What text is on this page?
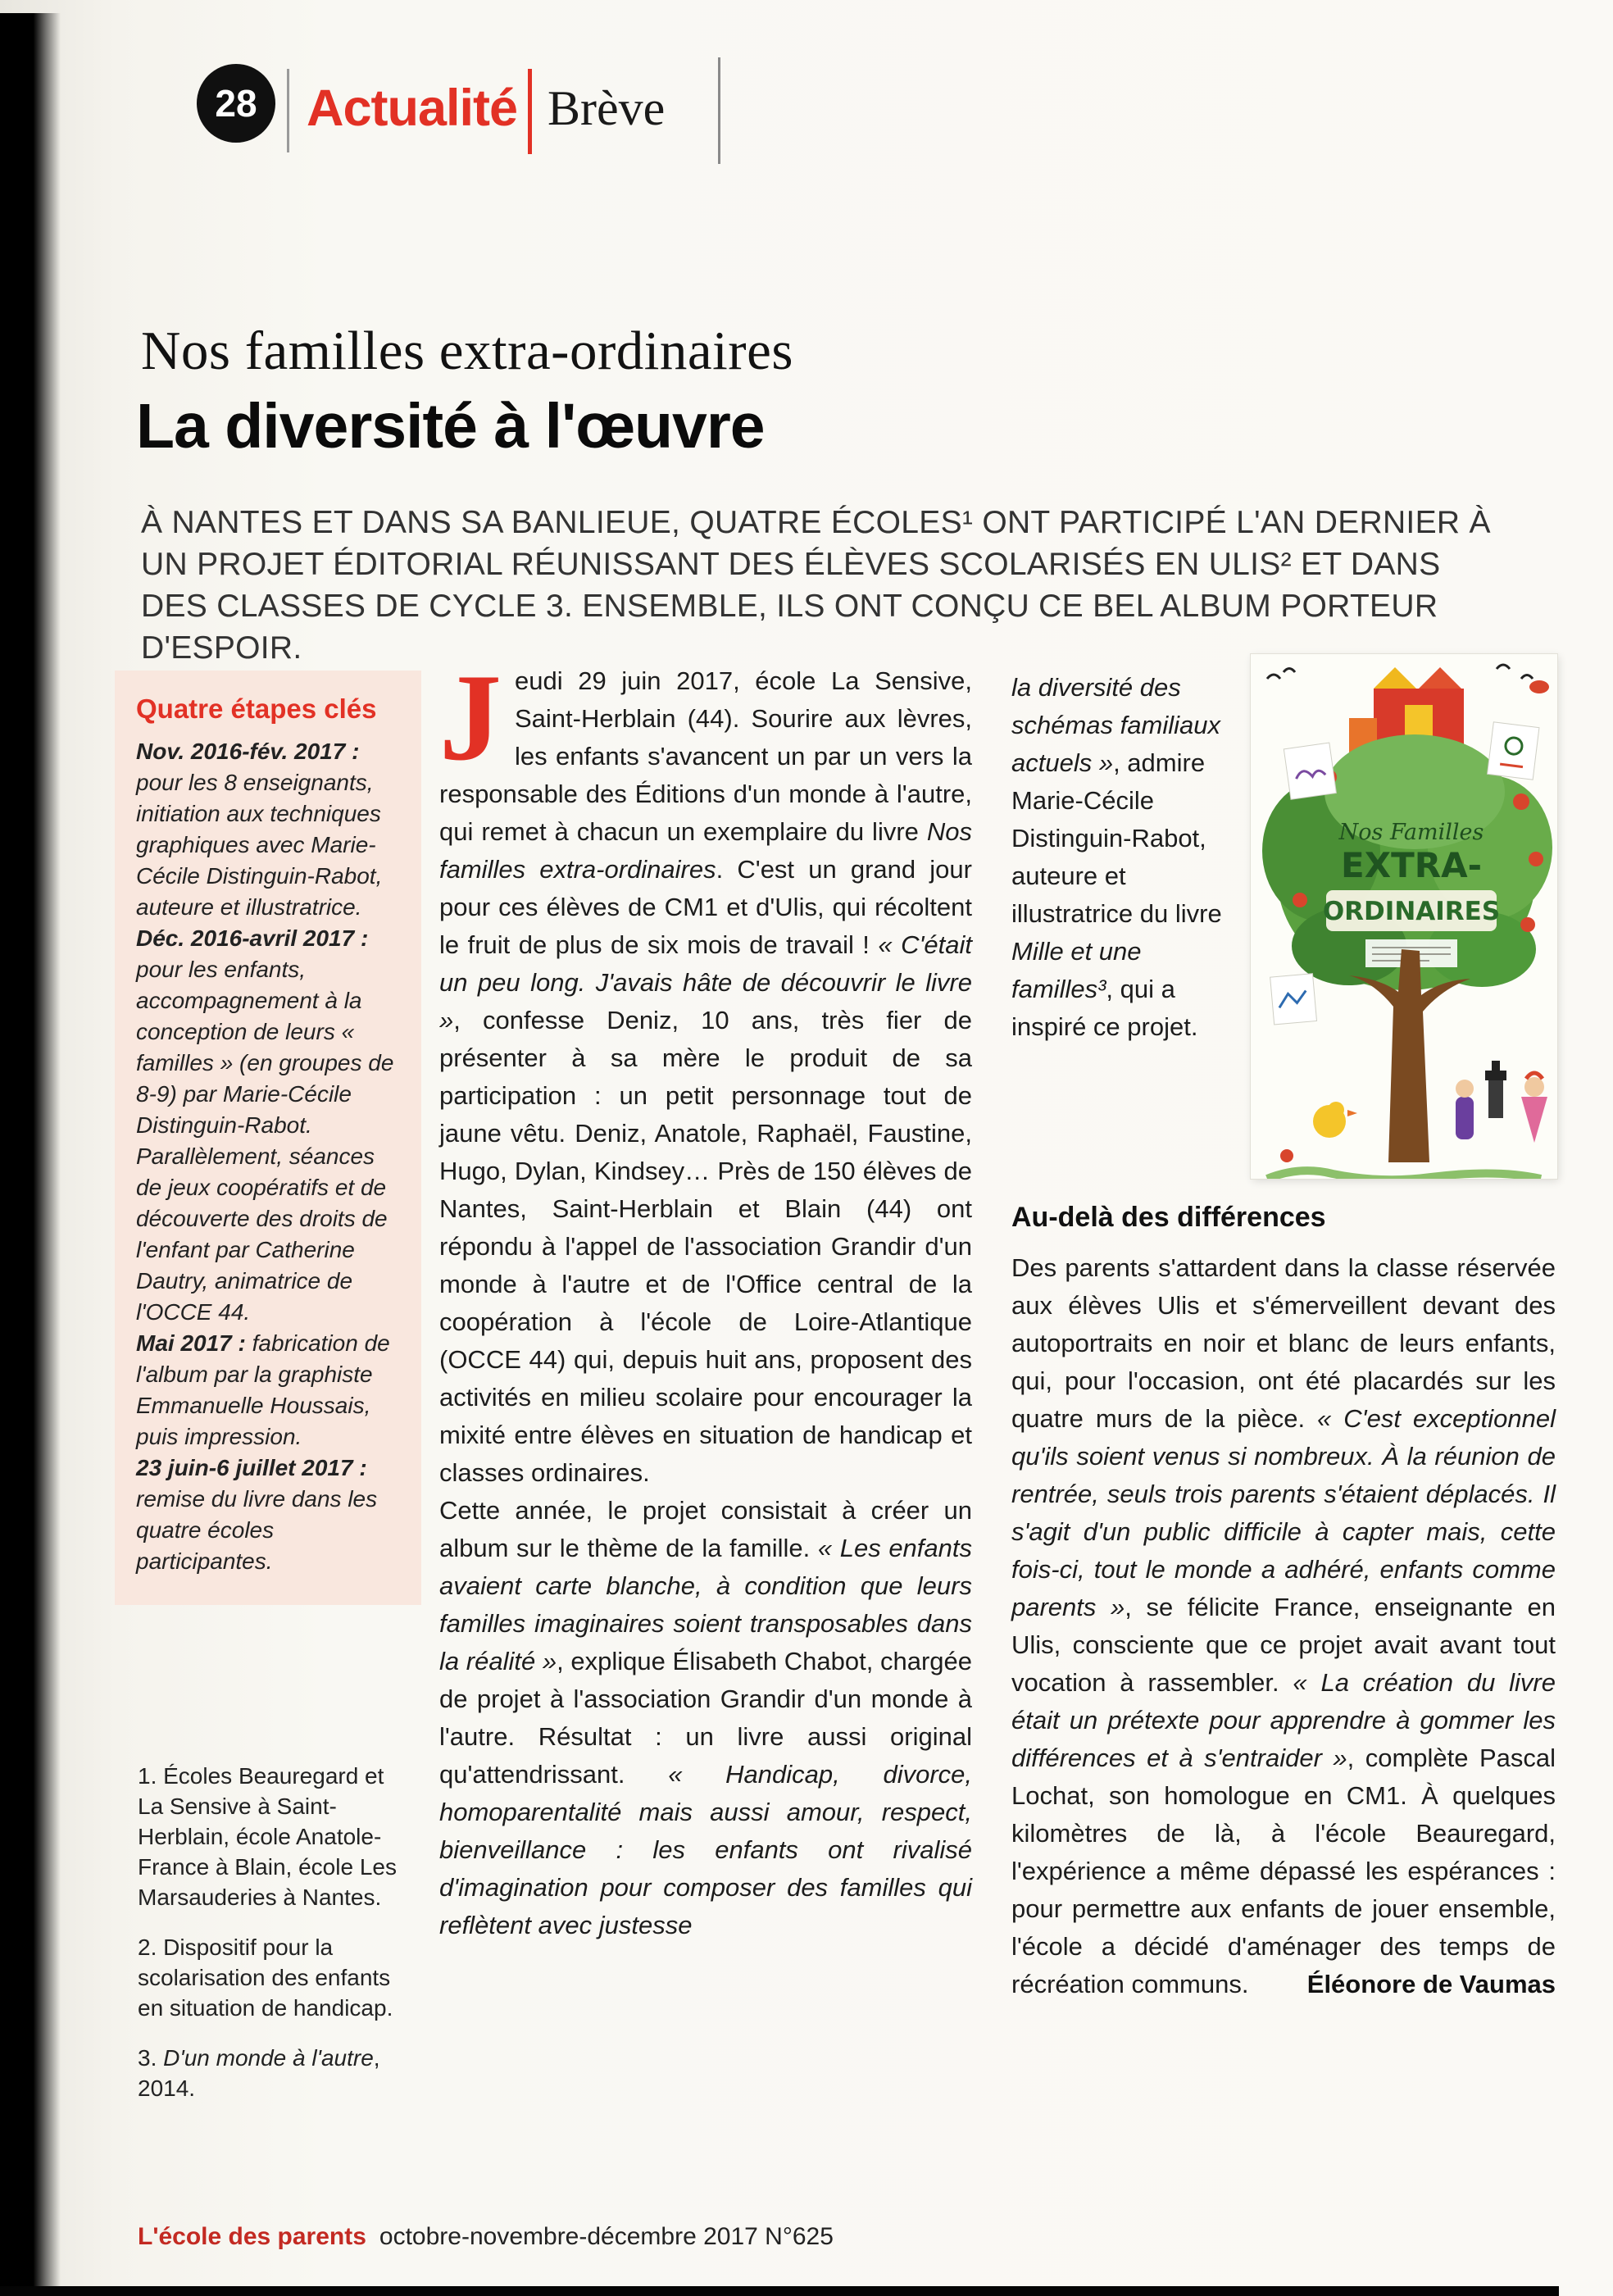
28 Actualité Brève
Nos familles extra-ordinaires
La diversité à l'œuvre
À NANTES ET DANS SA BANLIEUE, QUATRE ÉCOLES¹ ONT PARTICIPÉ L'AN DERNIER À UN PROJET ÉDITORIAL RÉUNISSANT DES ÉLÈVES SCOLARISÉS EN ULIS² ET DANS DES CLASSES DE CYCLE 3. ENSEMBLE, ILS ONT CONÇU CE BEL ALBUM PORTEUR D'ESPOIR.
Quatre étapes clés

Nov. 2016-fév. 2017 : pour les 8 enseignants, initiation aux techniques graphiques avec Marie-Cécile Distinguin-Rabot, auteure et illustratrice.

Déc. 2016-avril 2017 : pour les enfants, accompagnement à la conception de leurs « familles » (en groupes de 8-9) par Marie-Cécile Distinguin-Rabot. Parallèlement, séances de jeux coopératifs et de découverte des droits de l'enfant par Catherine Dautry, animatrice de l'OCCE 44.

Mai 2017 : fabrication de l'album par la graphiste Emmanuelle Houssais, puis impression.

23 juin-6 juillet 2017 : remise du livre dans les quatre écoles participantes.

1. Écoles Beauregard et La Sensive à Saint-Herblain, école Anatole-France à Blain, école Les Marsauderies à Nantes.

2. Dispositif pour la scolarisation des enfants en situation de handicap.

3. D'un monde à l'autre, 2014.

Jeudi 29 juin 2017, école La Sensive, Saint-Herblain (44). Sourire aux lèvres, les enfants s'avancent un par un vers la responsable des Éditions d'un monde à l'autre, qui remet à chacun un exemplaire du livre Nos familles extra-ordinaires. C'est un grand jour pour ces élèves de CM1 et d'Ulis, qui récoltent le fruit de plus de six mois de travail ! « C'était un peu long. J'avais hâte de découvrir le livre », confesse Deniz, 10 ans, très fier de présenter à sa mère le produit de sa participation : un petit personnage tout de jaune vêtu. Deniz, Anatole, Raphaël, Faustine, Hugo, Dylan, Kindsey… Près de 150 élèves de Nantes, Saint-Herblain et Blain (44) ont répondu à l'appel de l'association Grandir d'un monde à l'autre et de l'Office central de la coopération à l'école de Loire-Atlantique (OCCE 44) qui, depuis huit ans, proposent des activités en milieu scolaire pour encourager la mixité entre élèves en situation de handicap et classes ordinaires.

Cette année, le projet consistait à créer un album sur le thème de la famille. « Les enfants avaient carte blanche, à condition que leurs familles imaginaires soient transposables dans la réalité », explique Élisabeth Chabot, chargée de projet à l'association Grandir d'un monde à l'autre. Résultat : un livre aussi original qu'attendrissant. « Handicap, divorce, homoparentalité mais aussi amour, respect, bienveillance : les enfants ont rivalisé d'imagination pour composer des familles qui reflètent avec justesse

la diversité des schémas familiaux actuels », admire Marie-Cécile Distinguin-Rabot, auteure et illustratrice du livre Mille et une familles³, qui a inspiré ce projet.
Nos Familles
EXTRA-
ORDINAIRES
Au-delà des différences

Des parents s'attardent dans la classe réservée aux élèves Ulis et s'émerveillent devant des autoportraits en noir et blanc de leurs enfants, qui, pour l'occasion, ont été placardés sur les quatre murs de la pièce. « C'est exceptionnel qu'ils soient venus si nombreux. À la réunion de rentrée, seuls trois parents s'étaient déplacés. Il s'agit d'un public difficile à capter mais, cette fois-ci, tout le monde a adhéré, enfants comme parents », se félicite France, enseignante en Ulis, consciente que ce projet avait avant tout vocation à rassembler. « La création du livre était un prétexte pour apprendre à gommer les différences et à s'entraider », complète Pascal Lochat, son homologue en CM1. À quelques kilomètres de là, à l'école Beauregard, l'expérience a même dépassé les espérances : pour permettre aux enfants de jouer ensemble, l'école a décidé d'aménager des temps de récréation communs.	Éléonore de Vaumas
L'école des parents octobre-novembre-décembre 2017 N°625
